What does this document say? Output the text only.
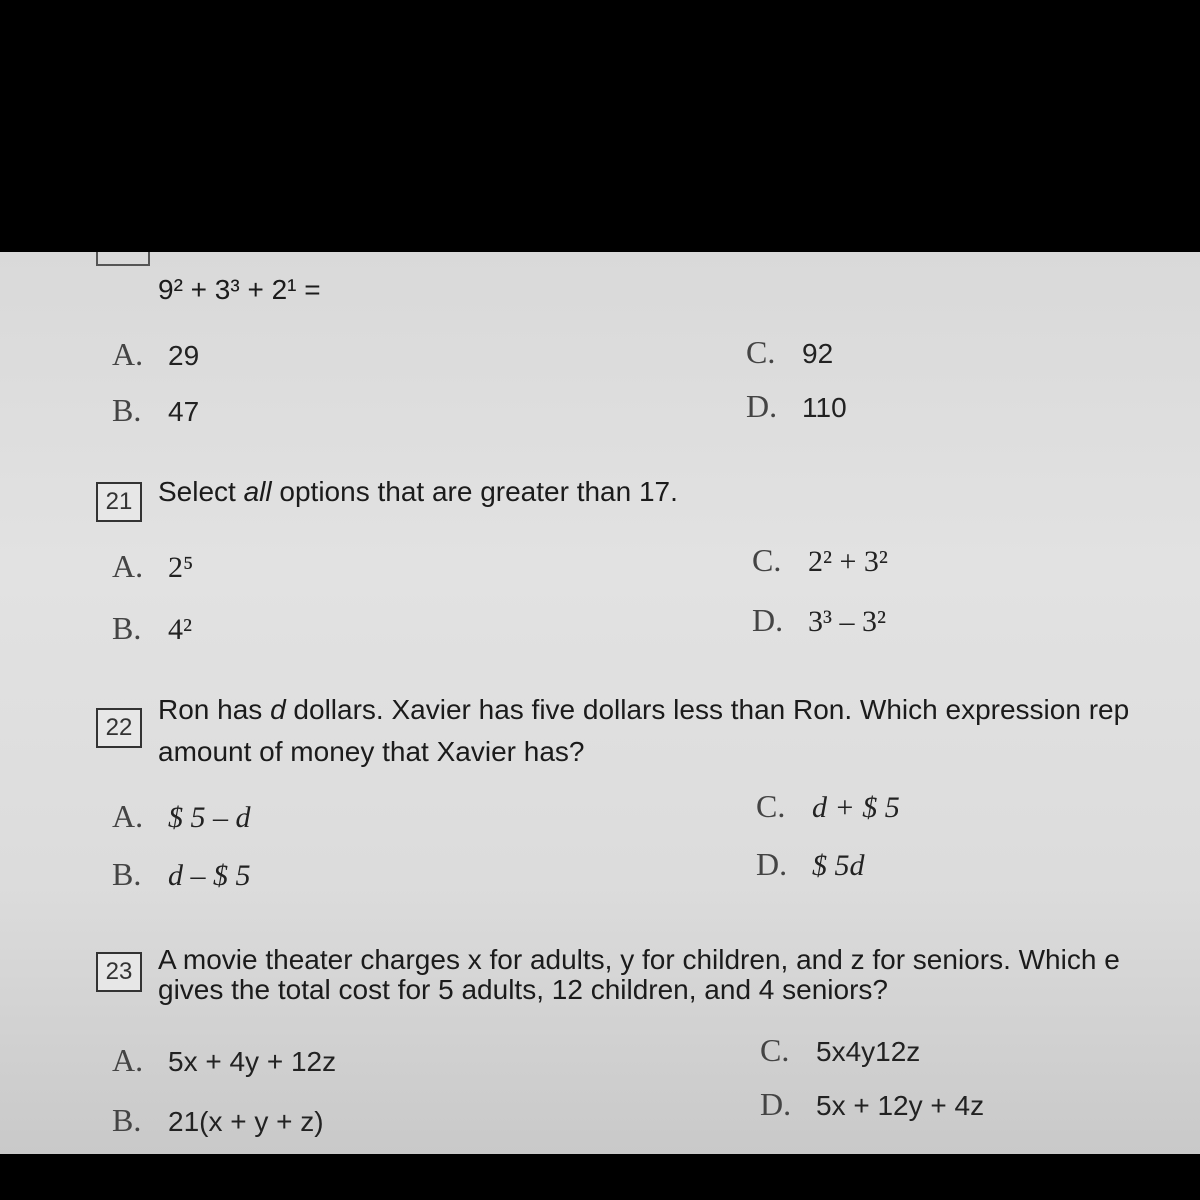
9² + 3³ + 2¹ =
A. 29
B. 47
C. 92
D. 110
21 Select all options that are greater than 17.
A. 2⁵
B. 4²
C. 2² + 3²
D. 3³ – 3²
22
Ron has d dollars. Xavier has five dollars less than Ron. Which expression rep
amount of money that Xavier has?
A. $ 5 – d
B. d – $ 5
C. d + $ 5
D. $ 5d
23 A movie theater charges x for adults, y for children, and z for seniors. Which e
gives the total cost for 5 adults, 12 children, and 4 seniors?
A. 5x + 4y + 12z
B. 21(x + y + z)
C. 5x4y12z
D. 5x + 12y + 4z
